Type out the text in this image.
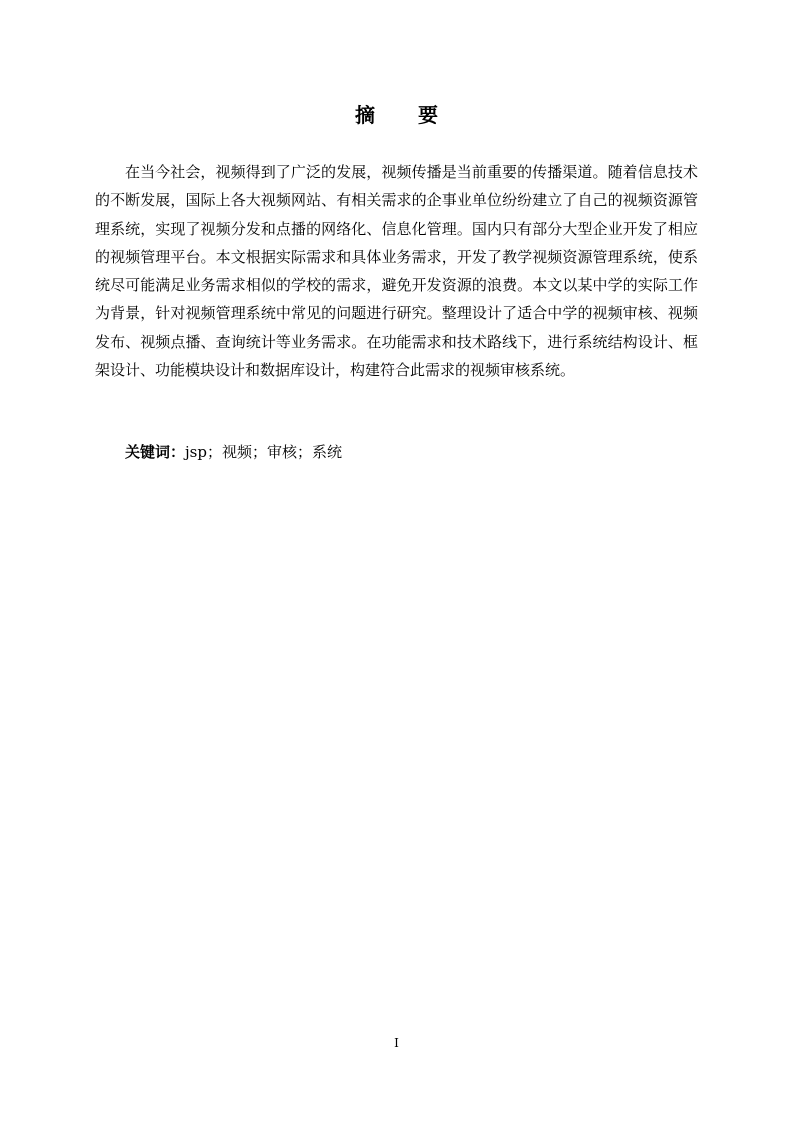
摘 要

在当今社会，视频得到了广泛的发展，视频传播是当前重要的传播渠道。随着信息技术的不断发展，国际上各大视频网站、有相关需求的企事业单位纷纷建立了自己的视频资源管理系统，实现了视频分发和点播的网络化、信息化管理。国内只有部分大型企业开发了相应的视频管理平台。本文根据实际需求和具体业务需求，开发了教学视频资源管理系统，使系统尽可能满足业务需求相似的学校的需求，避免开发资源的浪费。本文以某中学的实际工作为背景，针对视频管理系统中常见的问题进行研究。整理设计了适合中学的视频审核、视频发布、视频点播、查询统计等业务需求。在功能需求和技术路线下，进行系统结构设计、框架设计、功能模块设计和数据库设计，构建符合此需求的视频审核系统。

关键词：jsp；视频；审核；系统

I
